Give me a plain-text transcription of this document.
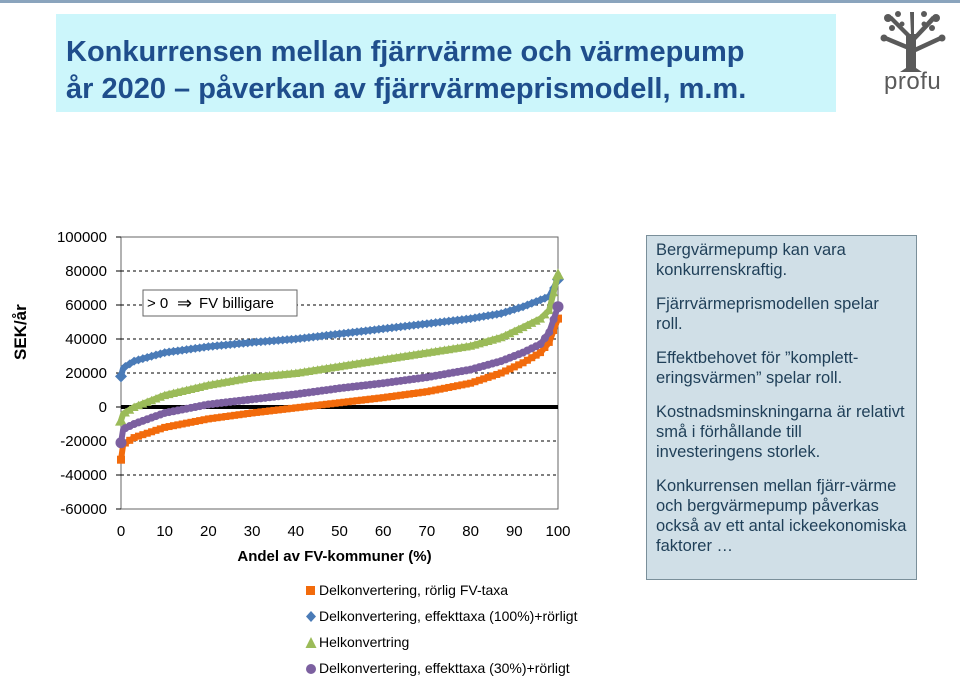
Konkurrensen mellan fjärrvärme och värmepump
år 2020 – påverkan av fjärrvärmeprismodell, m.m.	profu
100000
80000
60000
40000
20000
0
-20000
-40000
-60000
0 10 20 30 40 50 60 70 80 90 100
Andel av FV-kommuner (%)
> 0 ⇒ FV billigare
SEK/år
Delkonvertering, rörlig FV-taxa
Delkonvertering, effekttaxa (100%)+rörligt
Helkonvertring
Delkonvertering, effekttaxa (30%)+rörligt

Bergvärmepump kan vara konkurrenskraftig.

Fjärrvärmeprismodellen spelar roll.

Effektbehovet för ”komplett-eringsvärmen” spelar roll.

Kostnadsminskningarna är relativt små i förhållande till investeringens storlek.

Konkurrensen mellan fjärr-värme och bergvärmepump påverkas också av ett antal ickeekonomiska faktorer …
